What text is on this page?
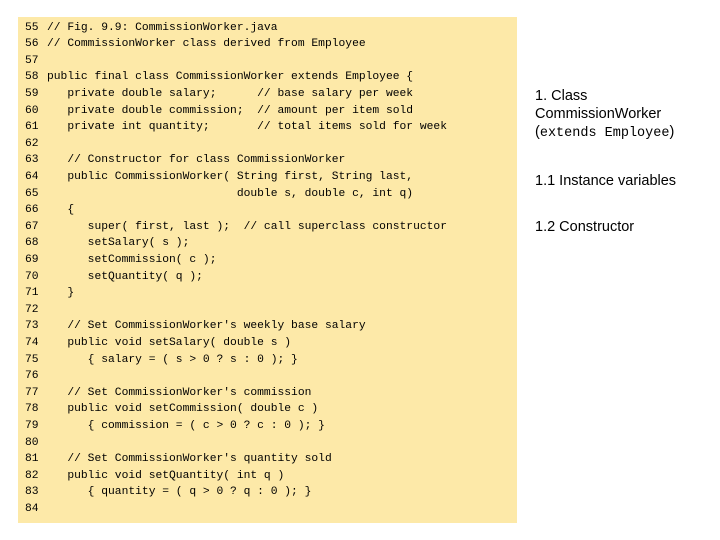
55 // Fig. 9.9: CommissionWorker.java
56 // CommissionWorker class derived from Employee
57
58 public final class CommissionWorker extends Employee {
59 private double salary;      // base salary per week
60 private double commission;  // amount per item sold
61 private int quantity;       // total items sold for week
62
63 // Constructor for class CommissionWorker
64 public CommissionWorker( String first, String last,
65 double s, double c, int q)
66 {
67 super( first, last );  // call superclass constructor
68 setSalary( s );
69 setCommission( c );
70 setQuantity( q );
71 }
72
73 // Set CommissionWorker's weekly base salary
74 public void setSalary( double s )
75 { salary = ( s > 0 ? s : 0 ); }
76
77 // Set CommissionWorker's commission
78 public void setCommission( double c )
79 { commission = ( c > 0 ? c : 0 ); }
80
81 // Set CommissionWorker's quantity sold
82 public void setQuantity( int q )
83 { quantity = ( q > 0 ? q : 0 ); }
84
1. Class
CommissionWorker
(extends Employee)
1.1 Instance variables
1.2 Constructor
